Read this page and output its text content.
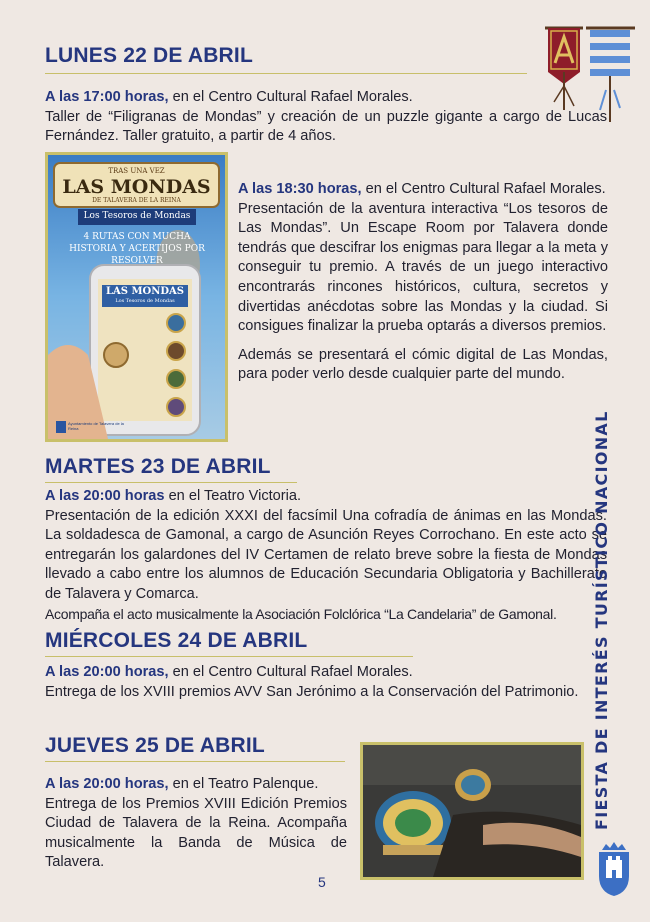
LUNES 22 DE ABRIL

A las 17:00 horas, en el Centro Cultural Rafael Morales.

Taller de “Filigranas de Mondas” y creación de un puzzle gigante a cargo de Lucas Fernández. Taller gratuito, a partir de 4 años.

TRAS UNA VEZ
LAS MONDAS
DE TALAVERA DE LA REINA
Los Tesoros de Mondas
4 RUTAS CON MUCHA HISTORIA Y ACERTIJOS POR RESOLVER
LAS MONDAS
Los Tesoros de Mondas
Ayuntamiento de Talavera de la Reina

A las 18:30 horas, en el Centro Cultural Rafael Morales.

Presentación de la aventura interactiva “Los tesoros de Las Mondas”. Un Escape Room por Talavera donde tendrás que descifrar los enigmas para llegar a la meta y conseguir tu premio. A través de un juego interactivo encontrarás rincones históricos, cultura, secretos y divertidas anécdotas sobre las Mondas y la ciudad. Si consigues finalizar la prueba optarás a diversos premios.

Además se presentará el cómic digital de Las Mondas, para poder verlo desde cualquier parte del mundo.

MARTES 23 DE ABRIL

A las 20:00 horas en el Teatro Victoria.

Presentación de la edición XXXI del facsímil Una cofradía de ánimas en las Mondas. La soldadesca de Gamonal, a cargo de Asunción Reyes Corrochano. En este acto se entregarán los galardones del IV Certamen de relato breve sobre la fiesta de Mondas llevado a cabo entre los alumnos de Educación Secundaria Obligatoria y Bachillerato de Talavera y Comarca.

Acompaña el acto musicalmente la Asociación Folclórica “La Candelaria” de Gamonal.

MIÉRCOLES 24 DE ABRIL

A las 20:00 horas, en el Centro Cultural Rafael Morales.

Entrega de los XVIII premios AVV San Jerónimo a la Conservación del Patrimonio.

JUEVES 25 DE ABRIL

A las 20:00 horas, en el Teatro Palenque.

Entrega de los Premios XVIII Edición Premios Ciudad de Talavera de la Reina. Acompaña musicalmente la Banda de Música de Talavera.

FIESTA DE INTERÉS TURÍSTICO NACIONAL
5
